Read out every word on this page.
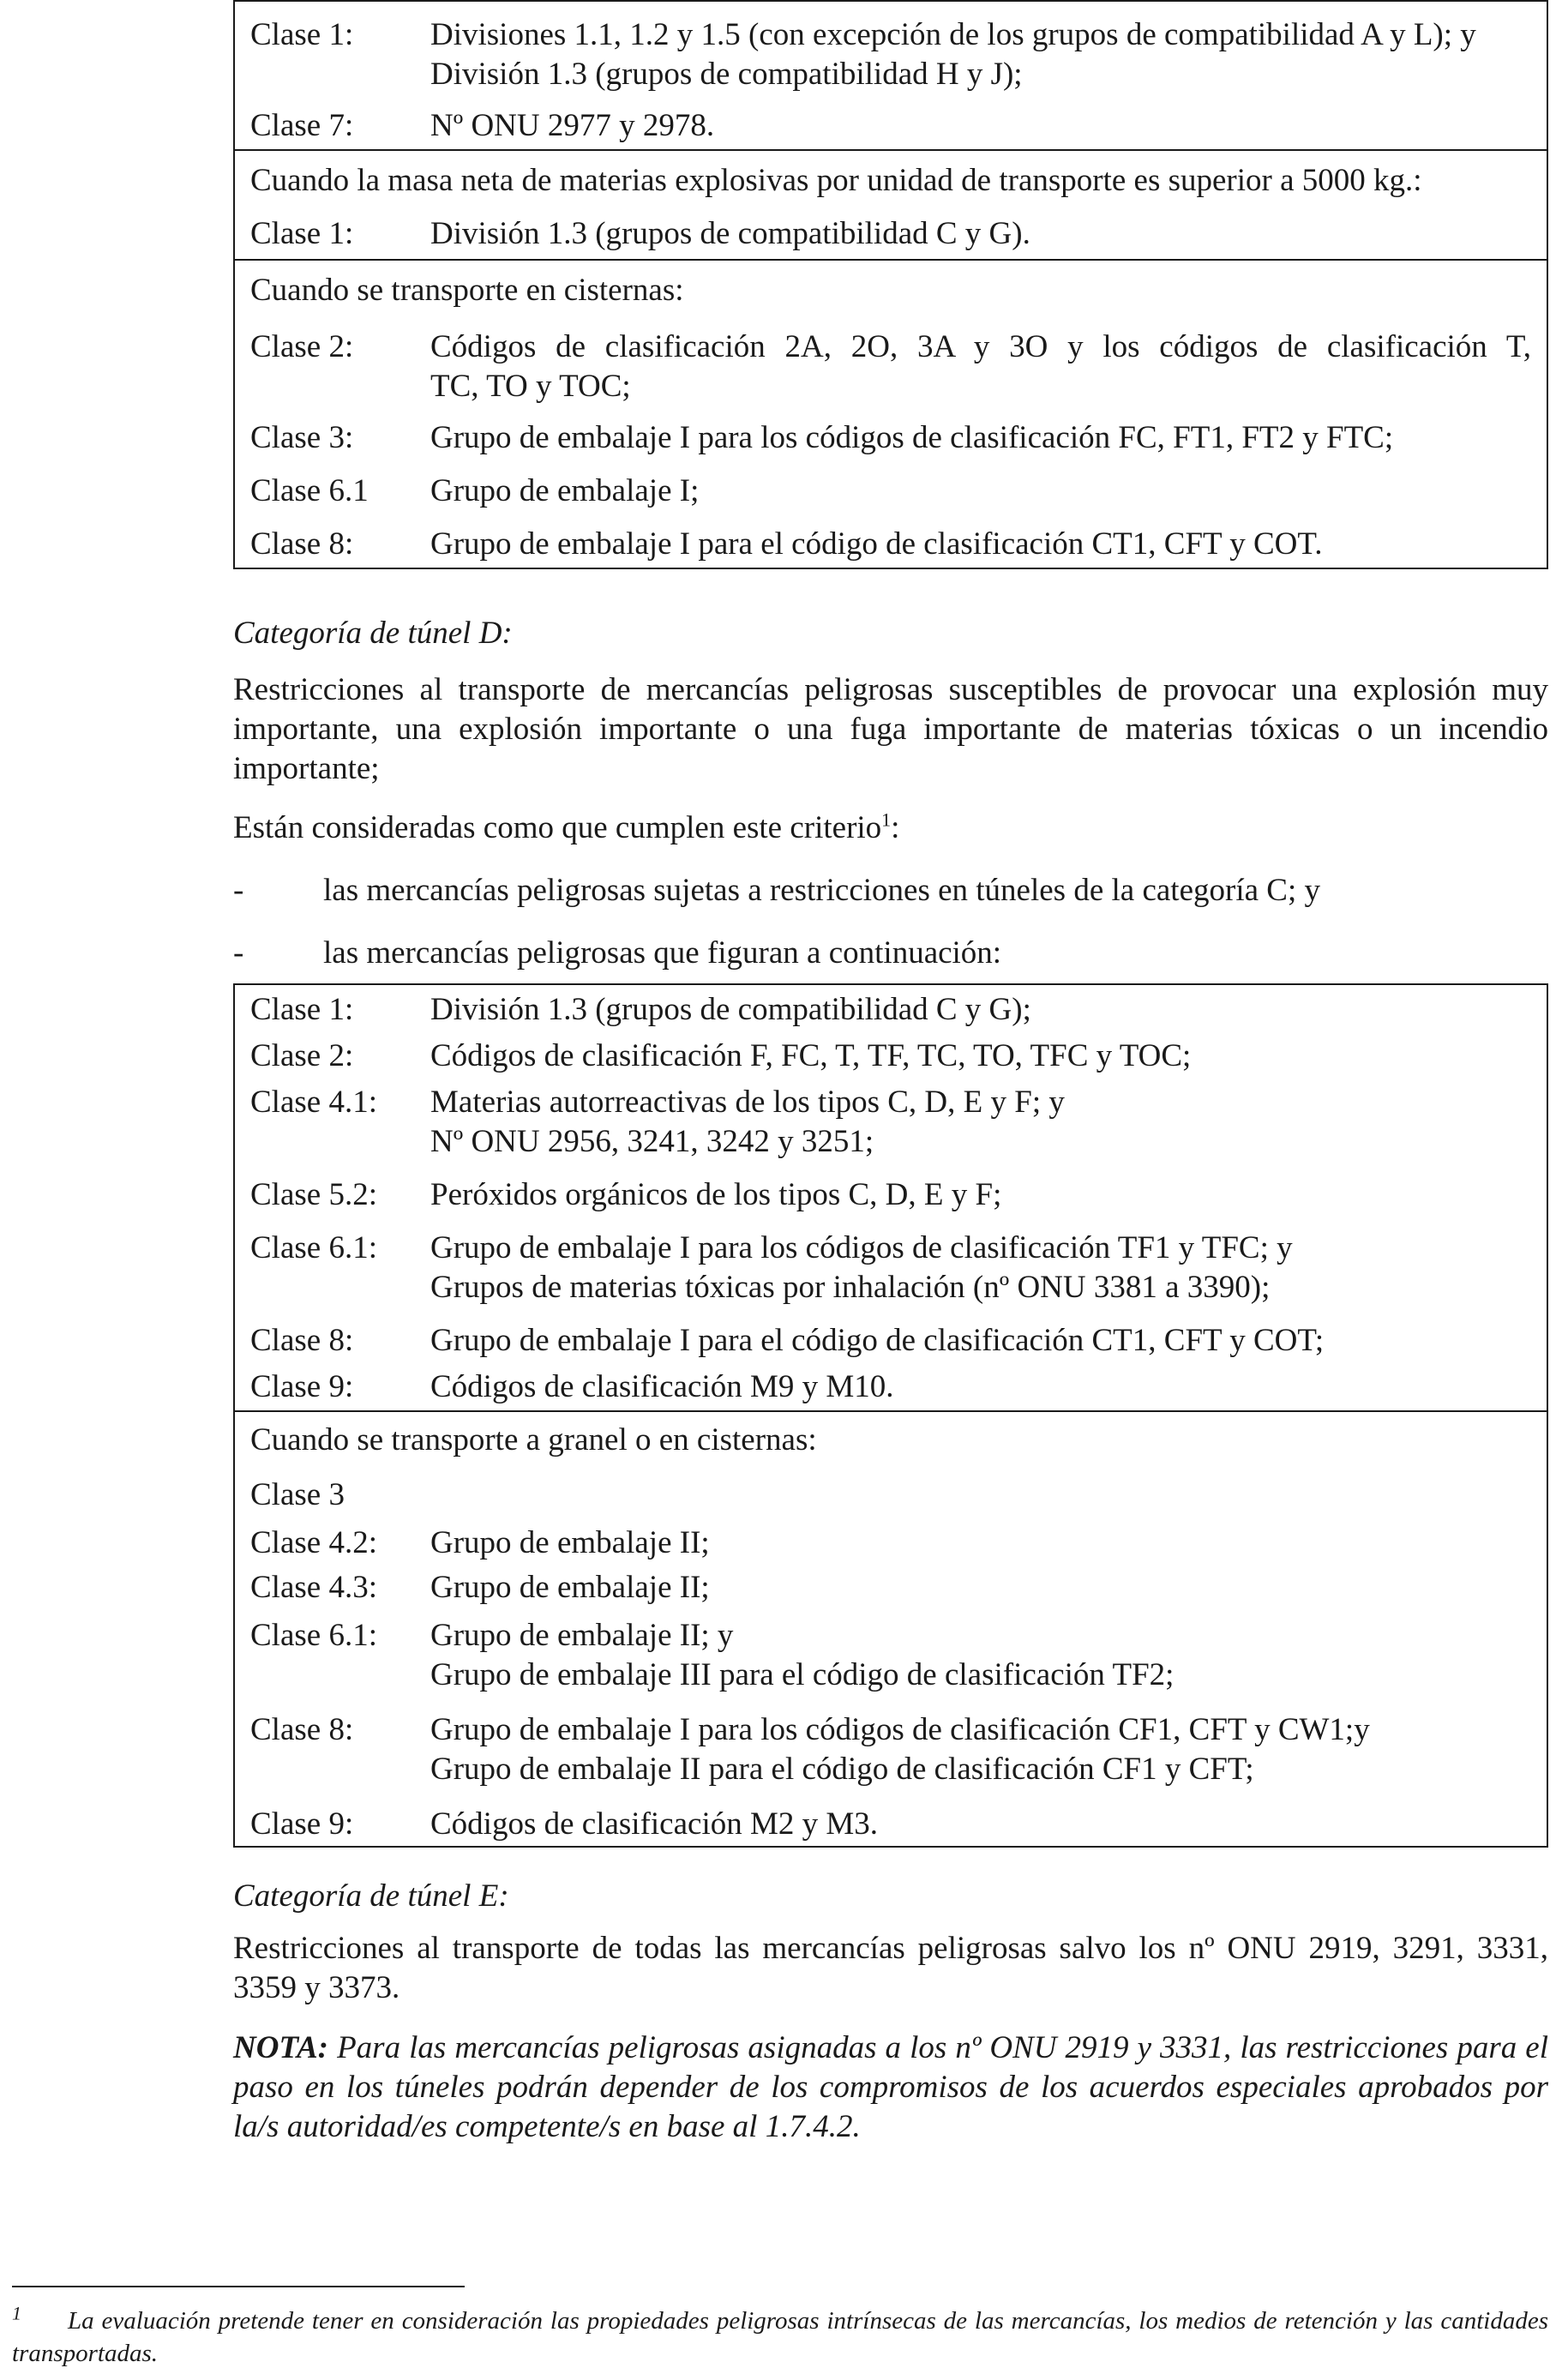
Clase 1:	Divisiones 1.1, 1.2 y 1.5 (con excepción de los grupos de compatibilidad A y L); y
División 1.3 (grupos de compatibilidad H y J);
Clase 7:	Nº ONU 2977 y 2978.
Cuando la masa neta de materias explosivas por unidad de transporte es superior a 5000 kg.:
Clase 1:	División 1.3 (grupos de compatibilidad C y G).
Cuando se transporte en cisternas:
Clase 2:	Códigos de clasificación 2A, 2O, 3A y 3O y los códigos de clasificación T,
TC, TO y TOC;
Clase 3:	Grupo de embalaje I para los códigos de clasificación FC, FT1, FT2 y FTC;
Clase 6.1	Grupo de embalaje I;
Clase 8:	Grupo de embalaje I para el código de clasificación CT1, CFT y COT.
Categoría de túnel D:
Restricciones al transporte de mercancías peligrosas susceptibles de provocar una explosión muy importante, una explosión importante o una fuga importante de materias tóxicas o un incendio importante;
Están consideradas como que cumplen este criterio$^1$:
-	las mercancías peligrosas sujetas a restricciones en túneles de la categoría C; y
-	las mercancías peligrosas que figuran a continuación:
Clase 1:	División 1.3 (grupos de compatibilidad C y G);
Clase 2:	Códigos de clasificación F, FC, T, TF, TC, TO, TFC y TOC;
Clase 4.1:	Materias autorreactivas de los tipos C, D, E y F; y
Nº ONU 2956, 3241, 3242 y 3251;
Clase 5.2:	Peróxidos orgánicos de los tipos C, D, E y F;
Clase 6.1:	Grupo de embalaje I para los códigos de clasificación TF1 y TFC; y
Grupos de materias tóxicas por inhalación (nº ONU 3381 a 3390);
Clase 8:	Grupo de embalaje I para el código de clasificación CT1, CFT y COT;
Clase 9:	Códigos de clasificación M9 y M10.
Cuando se transporte a granel o en cisternas:
Clase 3
Clase 4.2:	Grupo de embalaje II;
Clase 4.3:	Grupo de embalaje II;
Clase 6.1:	Grupo de embalaje II; y
Grupo de embalaje III para el código de clasificación TF2;
Clase 8:	Grupo de embalaje I para los códigos de clasificación CF1, CFT y CW1;y
Grupo de embalaje II para el código de clasificación CF1 y CFT;
Clase 9:	Códigos de clasificación M2 y M3.
Categoría de túnel E:
Restricciones al transporte de todas las mercancías peligrosas salvo los nº ONU 2919, 3291, 3331, 3359 y 3373.
NOTA: Para las mercancías peligrosas asignadas a los nº ONU 2919 y 3331, las restricciones para el paso en los túneles podrán depender de los compromisos de los acuerdos especiales aprobados por la/s autoridad/es competente/s en base al 1.7.4.2.
$^1$ La evaluación pretende tener en consideración las propiedades peligrosas intrínsecas de las mercancías, los medios de retención y las cantidades transportadas.
